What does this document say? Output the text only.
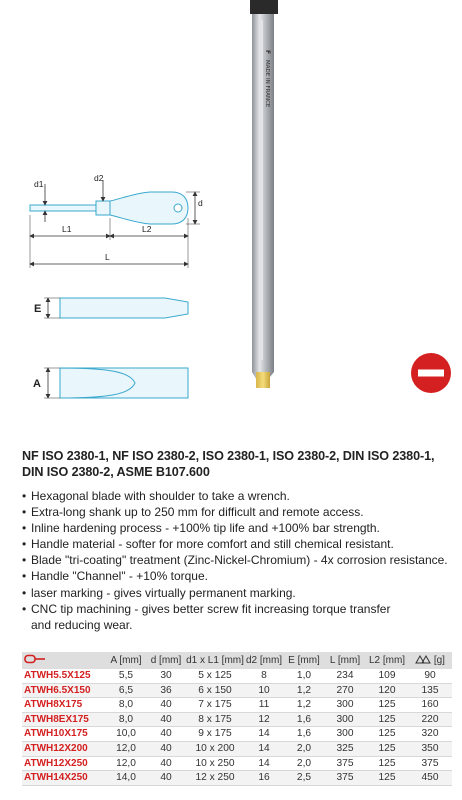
F
MADE IN FRANCE
d1
d2
d
L1	L2
L
E
A
NF ISO 2380-1, NF ISO 2380-2, ISO 2380-1, ISO 2380-2, DIN ISO 2380-1,
DIN ISO 2380-2, ASME B107.600
• Hexagonal blade with shoulder to take a wrench.
• Extra-long shank up to 250 mm for difficult and remote access.
• Inline hardening process - +100% tip life and +100% bar strength.
• Handle material - softer for more comfort and still chemical resistant.
• Blade "tri-coating" treatment (Zinc-Nickel-Chromium) - 4x corrosion resistance.
• Handle "Channel" - +10% torque.
• laser marking - gives virtually permanent marking.
• CNC tip machining - gives better screw fit increasing torque transfer
and reducing wear.
	A [mm]	d [mm]	d1 x L1 [mm]	d2 [mm]	E [mm]	L [mm]	L2 [mm]	[g]
ATWH5.5X125	5,5	30	5 x 125	8	1,0	234	109	90
ATWH6.5X150	6,5	36	6 x 150	10	1,2	270	120	135
ATWH8X175	8,0	40	7 x 175	11	1,2	300	125	160
ATWH8EX175	8,0	40	8 x 175	12	1,6	300	125	220
ATWH10X175	10,0	40	9 x 175	14	1,6	300	125	320
ATWH12X200	12,0	40	10 x 200	14	2,0	325	125	350
ATWH12X250	12,0	40	10 x 250	14	2,0	375	125	375
ATWH14X250	14,0	40	12 x 250	16	2,5	375	125	450
